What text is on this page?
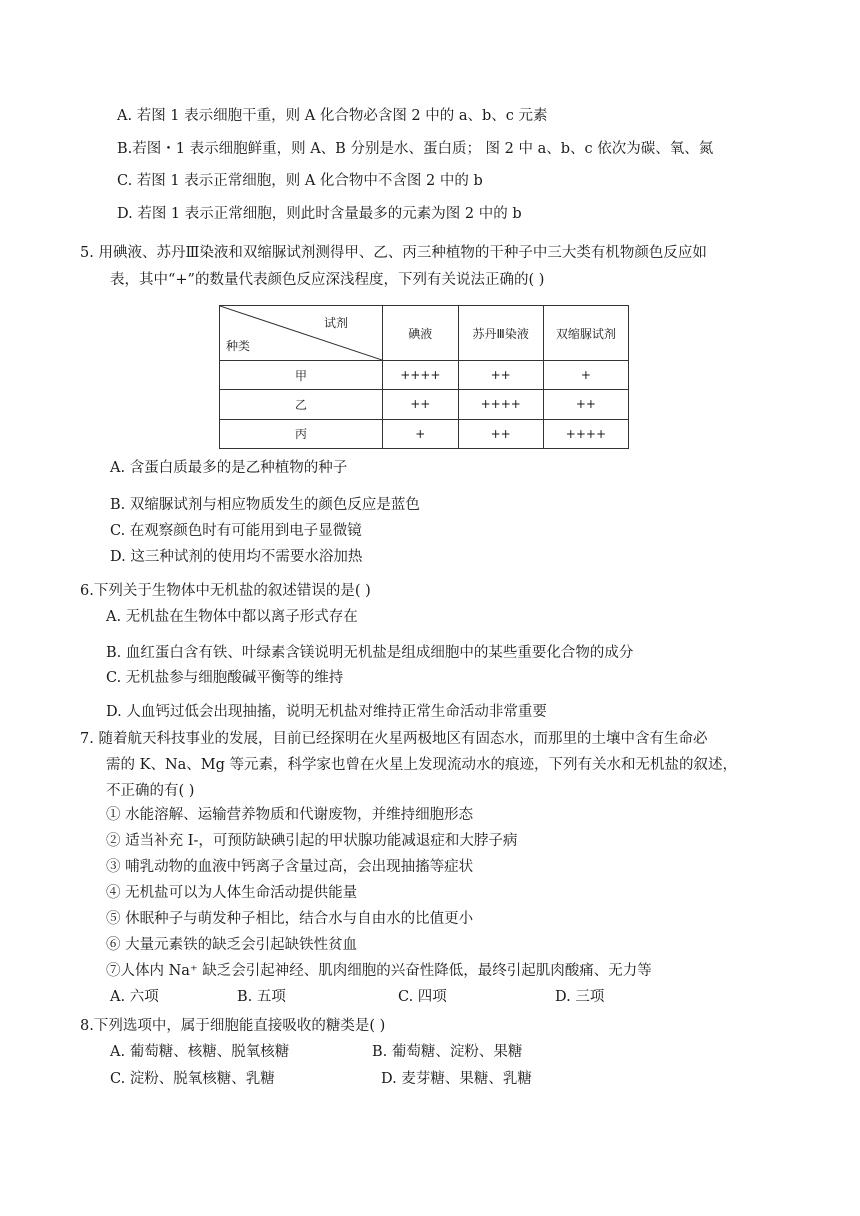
A. 若图 1 表示细胞干重，则 A 化合物必含图 2 中的 a、b、c 元素
B.若图・1 表示细胞鲜重，则 A、B 分别是水、蛋白质； 图 2 中 a、b、c 依次为碳、氧、氮
C. 若图 1 表示正常细胞，则 A 化合物中不含图 2 中的 b
D. 若图 1 表示正常细胞，则此时含量最多的元素为图 2 中的 b
5. 用碘液、苏丹Ⅲ染液和双缩脲试剂测得甲、乙、丙三种植物的干种子中三大类有机物颜色反应如
表，其中“+”的数量代表颜色反应深浅程度，下列有关说法正确的( )
试剂
种类	碘液	苏丹Ⅲ染液	双缩脲试剂
甲	++++	++	+
乙	++	++++	++
丙	+	++	++++
A. 含蛋白质最多的是乙种植物的种子
B. 双缩脲试剂与相应物质发生的颜色反应是蓝色
C. 在观察颜色时有可能用到电子显微镜
D. 这三种试剂的使用均不需要水浴加热
6.下列关于生物体中无机盐的叙述错误的是( )
A. 无机盐在生物体中都以离子形式存在
B. 血红蛋白含有铁、叶绿素含镁说明无机盐是组成细胞中的某些重要化合物的成分
C. 无机盐参与细胞酸碱平衡等的维持
D. 人血钙过低会出现抽搐，说明无机盐对维持正常生命活动非常重要
7. 随着航天科技事业的发展，目前已经探明在火星两极地区有固态水，而那里的土壤中含有生命必
需的 K、Na、Mg 等元素，科学家也曾在火星上发现流动水的痕迹，下列有关水和无机盐的叙述，
不正确的有( )
① 水能溶解、运输营养物质和代谢废物，并维持细胞形态
② 适当补充 I-，可预防缺碘引起的甲状腺功能减退症和大脖子病
③ 哺乳动物的血液中钙离子含量过高，会出现抽搐等症状
④ 无机盐可以为人体生命活动提供能量
⑤ 休眠种子与萌发种子相比，结合水与自由水的比值更小
⑥ 大量元素铁的缺乏会引起缺铁性贫血
⑦人体内 Na⁺ 缺乏会引起神经、肌肉细胞的兴奋性降低，最终引起肌肉酸痛、无力等
A. 六项	B. 五项	C. 四项	D. 三项
8.下列选项中，属于细胞能直接吸收的糖类是( )
A. 葡萄糖、核糖、脱氧核糖	B. 葡萄糖、淀粉、果糖
C. 淀粉、脱氧核糖、乳糖	D. 麦芽糖、果糖、乳糖
